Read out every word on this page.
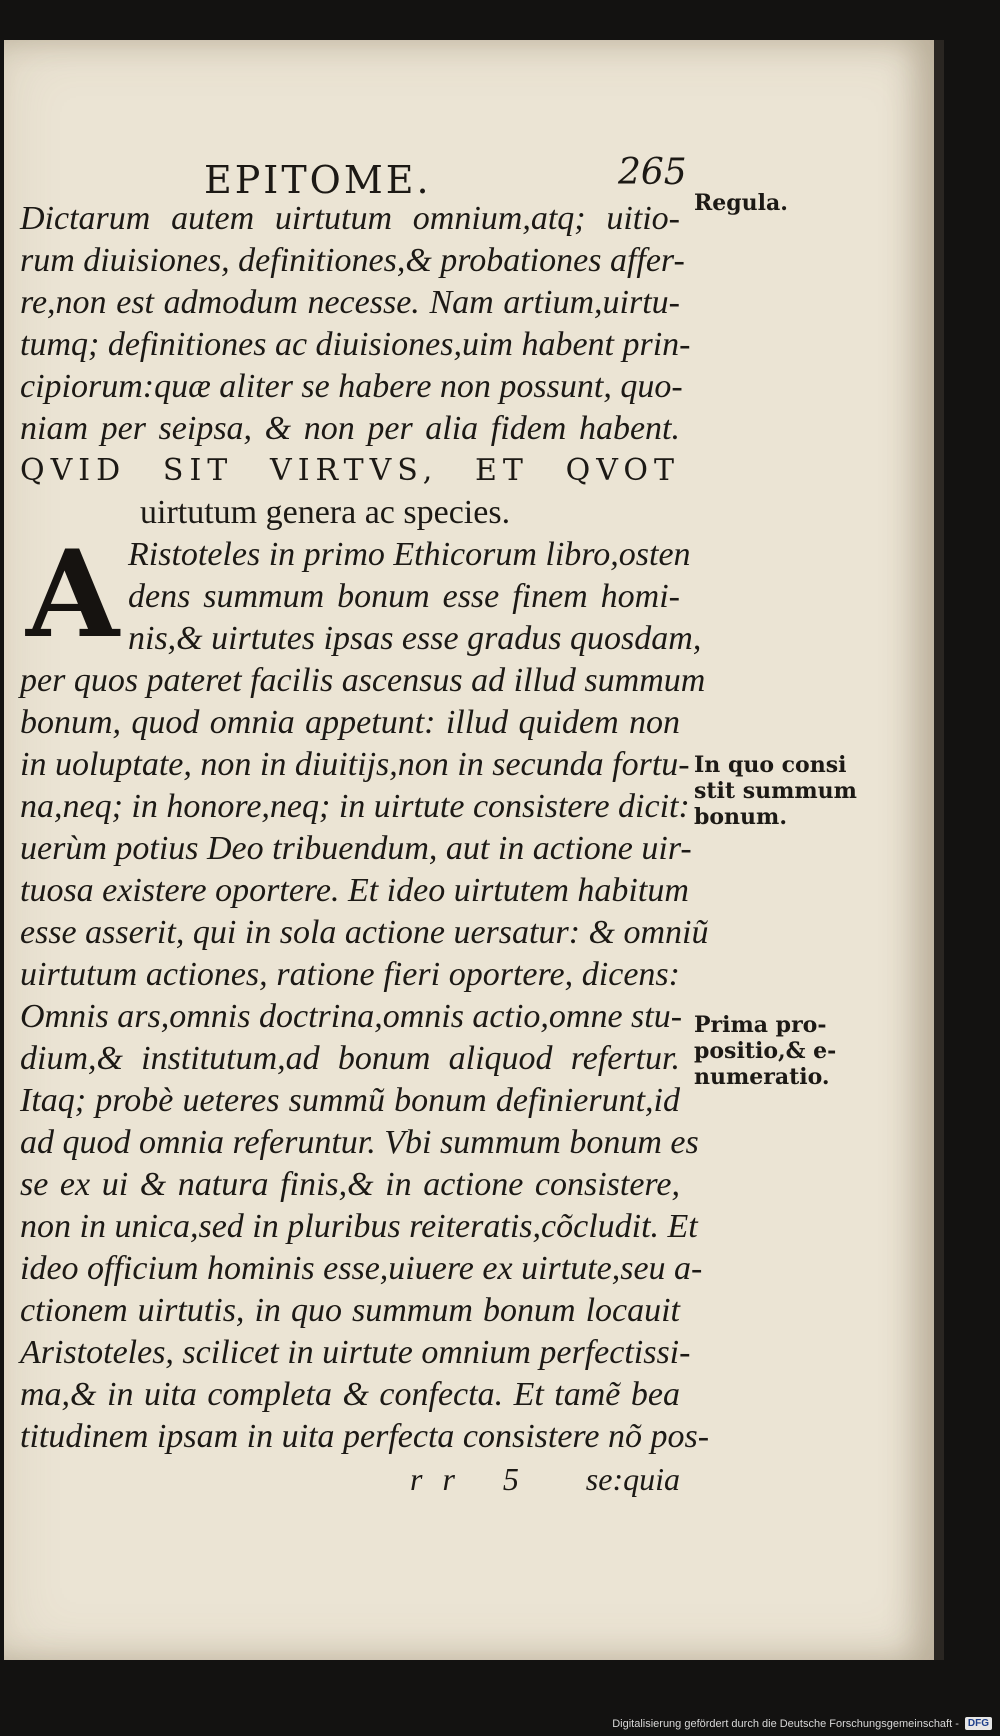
EPITOME.	265
Dictarum autem uirtutum omnium,atq; uitio-
rum diuisiones, definitiones,& probationes affer-
re,non est admodum necesse. Nam artium,uirtu-
tumq; definitiones ac diuisiones,uim habent prin-
cipiorum:quæ aliter se habere non possunt, quo-
niam per seipsa, & non per alia fidem habent.
QVID SIT VIRTVS, ET QVOT
uirtutum genera ac species.
A Ristoteles in primo Ethicorum libro,osten
dens summum bonum esse finem homi-
nis,& uirtutes ipsas esse gradus quosdam,
per quos pateret facilis ascensus ad illud summum
bonum, quod omnia appetunt: illud quidem non
in uoluptate, non in diuitijs,non in secunda fortu-
na,neq; in honore,neq; in uirtute consistere dicit:
uerùm potius Deo tribuendum, aut in actione uir-
tuosa existere oportere. Et ideo uirtutem habitum
esse asserit, qui in sola actione uersatur: & omniũ
uirtutum actiones, ratione fieri oportere, dicens:
Omnis ars,omnis doctrina,omnis actio,omne stu-
dium,& institutum,ad bonum aliquod refertur.
Itaq; probè ueteres summũ bonum definierunt,id
ad quod omnia referuntur. Vbi summum bonum es
se ex ui & natura finis,& in actione consistere,
non in unica,sed in pluribus reiteratis,cõcludit. Et
ideo officium hominis esse,uiuere ex uirtute,seu a-
ctionem uirtutis, in quo summum bonum locauit
Aristoteles, scilicet in uirtute omnium perfectissi-
ma,& in uita completa & confecta. Et tamẽ bea
titudinem ipsam in uita perfecta consistere nõ pos-
rr 5 se:quia
Regula.
In quo consi
stit summum
bonum.
Prima pro-
positio,& e-
numeratio.
Digitalisierung gefördert durch die Deutsche Forschungsgemeinschaft - DFG
